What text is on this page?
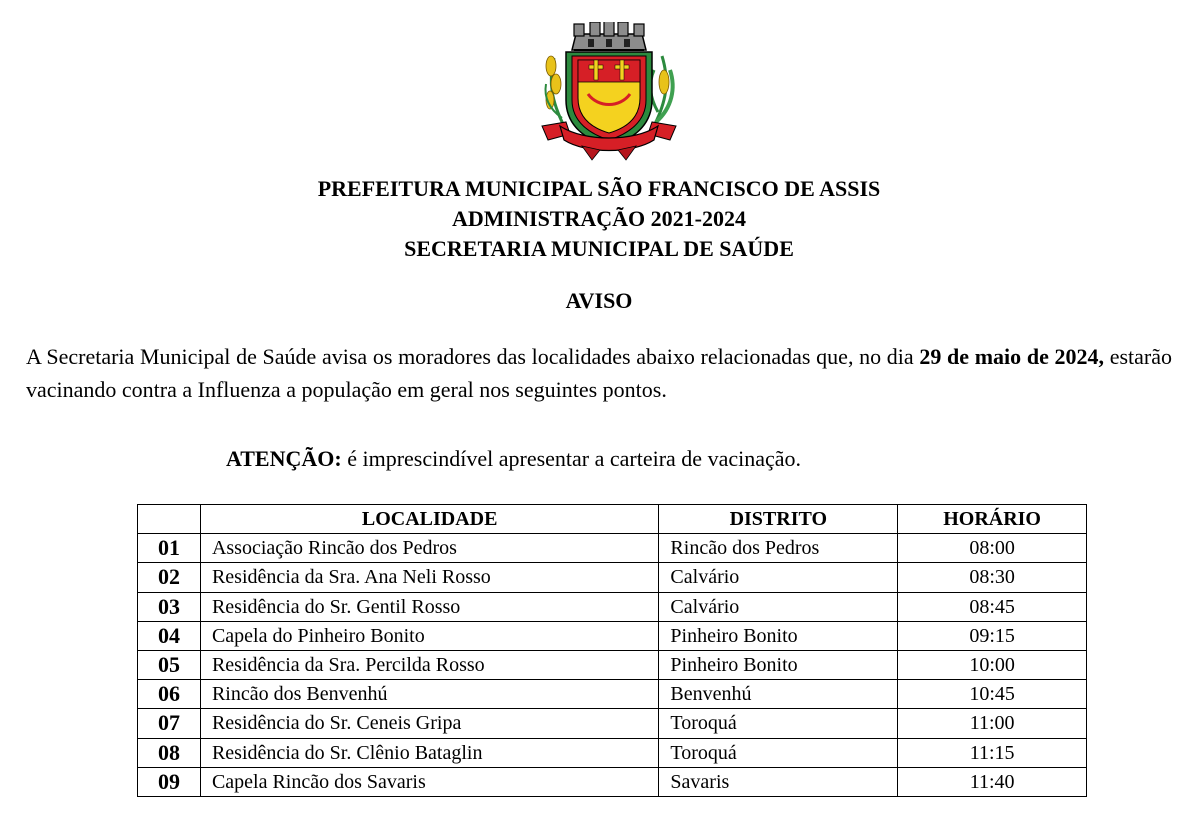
PREFEITURA MUNICIPAL SÃO FRANCISCO DE ASSIS
ADMINISTRAÇÃO 2021-2024
SECRETARIA MUNICIPAL DE SAÚDE
AVISO
A Secretaria Municipal de Saúde avisa os moradores das localidades abaixo relacionadas que, no dia 29 de maio de 2024, estarão vacinando contra a Influenza a população em geral nos seguintes pontos.
ATENÇÃO: é imprescindível apresentar a carteira de vacinação.
	LOCALIDADE	DISTRITO	HORÁRIO
01	Associação Rincão dos Pedros	Rincão dos Pedros	08:00
02	Residência da Sra. Ana Neli Rosso	Calvário	08:30
03	Residência do Sr. Gentil Rosso	Calvário	08:45
04	Capela do Pinheiro Bonito	Pinheiro Bonito	09:15
05	Residência da Sra. Percilda Rosso	Pinheiro Bonito	10:00
06	Rincão dos Benvenhú	Benvenhú	10:45
07	Residência do Sr. Ceneis Gripa	Toroquá	11:00
08	Residência do Sr. Clênio Bataglin	Toroquá	11:15
09	Capela Rincão dos Savaris	Savaris	11:40
